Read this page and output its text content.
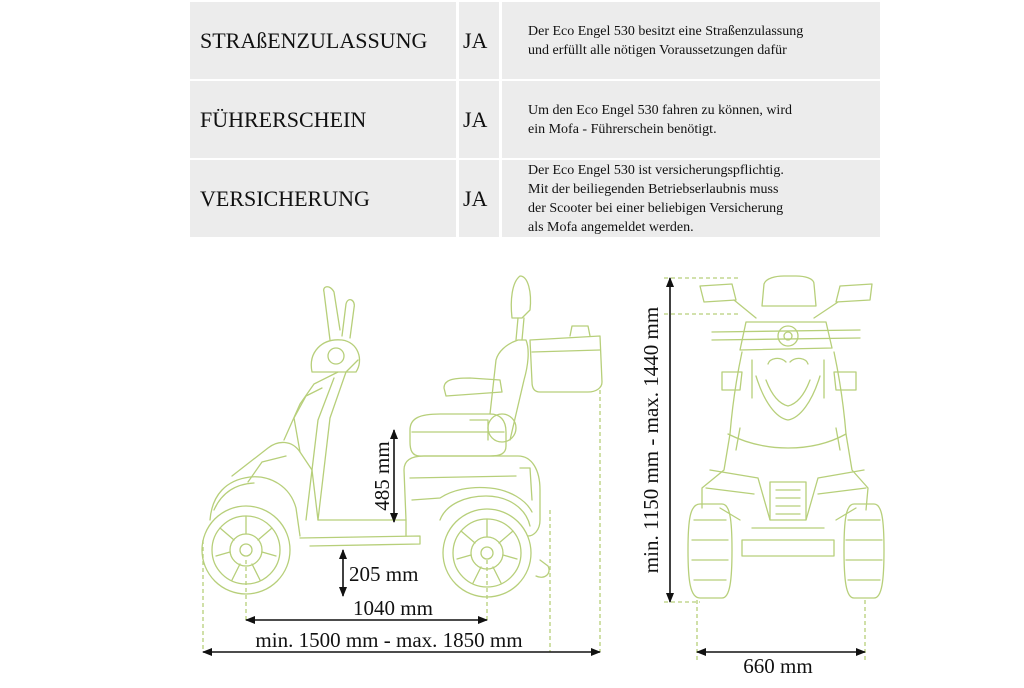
STRAßENZULASSUNG JA	Der Eco Engel 530 besitzt eine Straßenzulassung
und erfüllt alle nötigen Voraussetzungen dafür
FÜHRERSCHEIN	JA	Um den Eco Engel 530 fahren zu können, wird
ein Mofa - Führerschein benötigt.
VERSICHERUNG	JA
Der Eco Engel 530 ist versicherungspflichtig.
Mit der beiliegenden Betriebserlaubnis muss
der Scooter bei einer beliebigen Versicherung
als Mofa angemeldet werden.
485 mm
205 mm
1040 mm
min. 1500 mm - max. 1850 mm
min. 1150 mm - max. 1440 mm
660 mm
